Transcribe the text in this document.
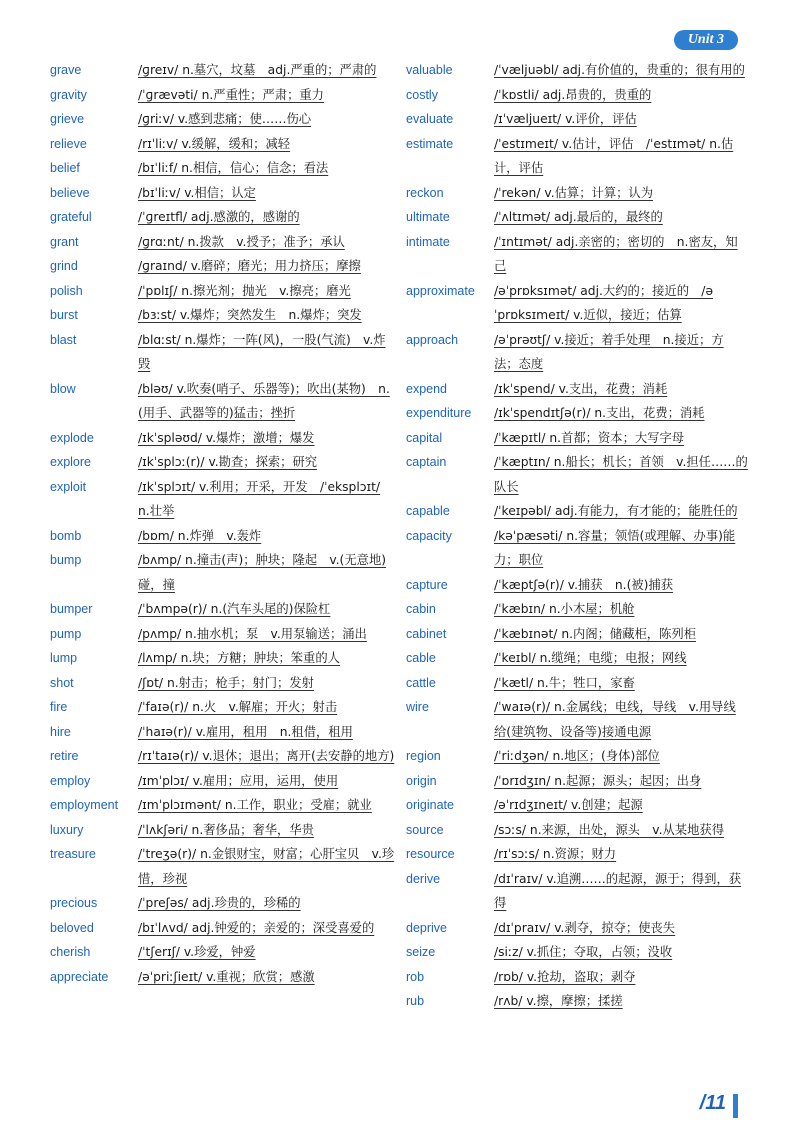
Unit 3
grave	/ɡreɪv/ n.墓穴，坟墓　adj.严重的；严肃的
gravity	/ˈɡrævəti/ n.严重性；严肃；重力
grieve	/ɡriːv/ v.感到悲痛；使……伤心
relieve	/rɪˈliːv/ v.缓解，缓和；减轻
belief	/bɪˈliːf/ n.相信，信心；信念；看法
believe	/bɪˈliːv/ v.相信；认定
grateful	/ˈɡreɪtfl/ adj.感激的，感谢的
grant	/ɡrɑːnt/ n.拨款　v.授予；准予；承认
grind	/ɡraɪnd/ v.磨碎；磨光；用力挤压；摩擦
polish	/ˈpɒlɪʃ/ n.擦光剂；抛光　v.擦亮；磨光
burst	/bɜːst/ v.爆炸；突然发生　n.爆炸；突发
blast	/blɑːst/ n.爆炸；一阵(风)，一股(气流)　v.炸毁
blow	/bləʊ/ v.吹奏(哨子、乐器等)；吹出(某物)　n.(用手、武器等的)猛击；挫折
explode	/ɪkˈspləʊd/ v.爆炸；激增；爆发
explore	/ɪkˈsplɔː(r)/ v.勘查；探索；研究
exploit	/ɪkˈsplɔɪt/ v.利用；开采，开发　/ˈeksplɔɪt/ n.壮举
bomb	/bɒm/ n.炸弹　v.轰炸
bump	/bʌmp/ n.撞击(声)；肿块；隆起　v.(无意地)碰，撞
bumper	/ˈbʌmpə(r)/ n.(汽车头尾的)保险杠
pump	/pʌmp/ n.抽水机；泵　v.用泵输送；涌出
lump	/lʌmp/ n.块；方糖；肿块；笨重的人
shot	/ʃɒt/ n.射击；枪手；射门；发射
fire	/ˈfaɪə(r)/ n.火　v.解雇；开火；射击
hire	/ˈhaɪə(r)/ v.雇用，租用　n.租借，租用
retire	/rɪˈtaɪə(r)/ v.退休；退出；离开(去安静的地方)
employ	/ɪmˈplɔɪ/ v.雇用；应用，运用，使用
employment	/ɪmˈplɔɪmənt/ n.工作，职业；受雇；就业
luxury	/ˈlʌkʃəri/ n.奢侈品；奢华，华贵
treasure	/ˈtreʒə(r)/ n.金银财宝，财富；心肝宝贝　v.珍惜，珍视
precious	/ˈpreʃəs/ adj.珍贵的，珍稀的
beloved	/bɪˈlʌvd/ adj.钟爱的；亲爱的；深受喜爱的
cherish	/ˈtʃerɪʃ/ v.珍爱，钟爱
appreciate	/əˈpriːʃieɪt/ v.重视；欣赏；感激
valuable	/ˈvæljuəbl/ adj.有价值的，贵重的；很有用的
costly	/ˈkɒstli/ adj.昂贵的，贵重的
evaluate	/ɪˈvæljueɪt/ v.评价，评估
estimate	/ˈestɪmeɪt/ v.估计，评估　/ˈestɪmət/ n.估计，评估
reckon	/ˈrekən/ v.估算；计算；认为
ultimate	/ˈʌltɪmət/ adj.最后的，最终的
intimate	/ˈɪntɪmət/ adj.亲密的；密切的　n.密友，知己
approximate	/əˈprɒksɪmət/ adj.大约的；接近的　/əˈprɒksɪmeɪt/ v.近似，接近；估算
approach	/əˈprəʊtʃ/ v.接近；着手处理　n.接近；方法；态度
expend	/ɪkˈspend/ v.支出，花费；消耗
expenditure	/ɪkˈspendɪtʃə(r)/ n.支出，花费；消耗
capital	/ˈkæpɪtl/ n.首都；资本；大写字母
captain	/ˈkæptɪn/ n.船长；机长；首领　v.担任……的队长
capable	/ˈkeɪpəbl/ adj.有能力，有才能的；能胜任的
capacity	/kəˈpæsəti/ n.容量；领悟(或理解、办事)能力；职位
capture	/ˈkæptʃə(r)/ v.捕获　n.(被)捕获
cabin	/ˈkæbɪn/ n.小木屋；机舱
cabinet	/ˈkæbɪnət/ n.内阁；储藏柜，陈列柜
cable	/ˈkeɪbl/ n.缆绳；电缆；电报；网线
cattle	/ˈkætl/ n.牛；牲口，家畜
wire	/ˈwaɪə(r)/ n.金属线；电线，导线　v.用导线给(建筑物、设备等)接通电源
region	/ˈriːdʒən/ n.地区；(身体)部位
origin	/ˈɒrɪdʒɪn/ n.起源；源头；起因；出身
originate	/əˈrɪdʒɪneɪt/ v.创建；起源
source	/sɔːs/ n.来源，出处，源头　v.从某地获得
resource	/rɪˈsɔːs/ n.资源；财力
derive	/dɪˈraɪv/ v.追溯……的起源，源于；得到，获得
deprive	/dɪˈpraɪv/ v.剥夺，掠夺；使丧失
seize	/siːz/ v.抓住；夺取，占领；没收
rob	/rɒb/ v.抢劫，盗取；剥夺
rub	/rʌb/ v.擦，摩擦；揉搓
/11
